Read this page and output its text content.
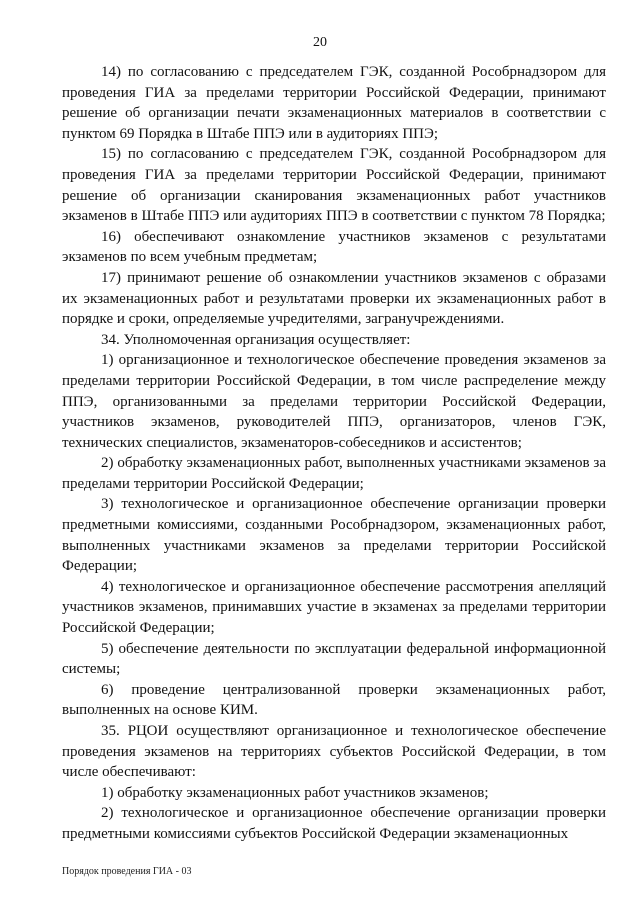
20

14) по согласованию с председателем ГЭК, созданной Рособрнадзором для проведения ГИА за пределами территории Российской Федерации, принимают решение об организации печати экзаменационных материалов в соответствии с пунктом 69 Порядка в Штабе ППЭ или в аудиториях ППЭ;

15) по согласованию с председателем ГЭК, созданной Рособрнадзором для проведения ГИА за пределами территории Российской Федерации, принимают решение об организации сканирования экзаменационных работ участников экзаменов в Штабе ППЭ или аудиториях ППЭ в соответствии с пунктом 78 Порядка;

16) обеспечивают ознакомление участников экзаменов с результатами экзаменов по всем учебным предметам;

17) принимают решение об ознакомлении участников экзаменов с образами их экзаменационных работ и результатами проверки их экзаменационных работ в порядке и сроки, определяемые учредителями, загранучреждениями.

34. Уполномоченная организация осуществляет:

1) организационное и технологическое обеспечение проведения экзаменов за пределами территории Российской Федерации, в том числе распределение между ППЭ, организованными за пределами территории Российской Федерации, участников экзаменов, руководителей ППЭ, организаторов, членов ГЭК, технических специалистов, экзаменаторов-собеседников и ассистентов;

2) обработку экзаменационных работ, выполненных участниками экзаменов за пределами территории Российской Федерации;

3) технологическое и организационное обеспечение организации проверки предметными комиссиями, созданными Рособрнадзором, экзаменационных работ, выполненных участниками экзаменов за пределами территории Российской Федерации;

4) технологическое и организационное обеспечение рассмотрения апелляций участников экзаменов, принимавших участие в экзаменах за пределами территории Российской Федерации;

5) обеспечение деятельности по эксплуатации федеральной информационной системы;

6) проведение централизованной проверки экзаменационных работ, выполненных на основе КИМ.

35. РЦОИ осуществляют организационное и технологическое обеспечение проведения экзаменов на территориях субъектов Российской Федерации, в том числе обеспечивают:

1) обработку экзаменационных работ участников экзаменов;

2) технологическое и организационное обеспечение организации проверки предметными комиссиями субъектов Российской Федерации экзаменационных

Порядок проведения ГИА - 03
